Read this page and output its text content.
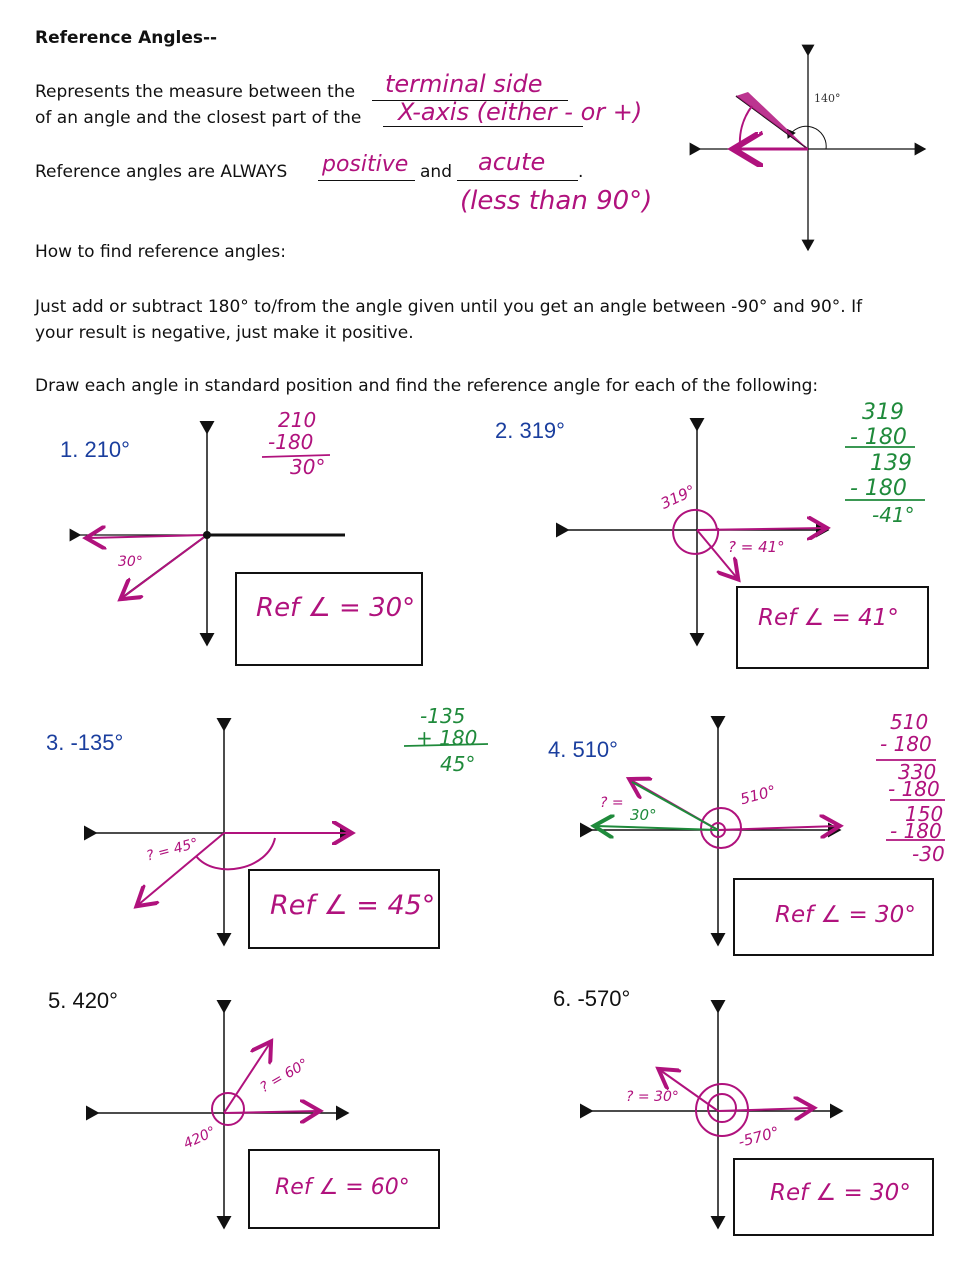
Reference Angles--
Represents the measure between the terminal side
of an angle and the closest part of the X-axis (either - or +)
Reference angles are ALWAYS positive and acute .
(less than 90°)
How to find reference angles:
Just add or subtract 180° to/from the angle given until you get an angle between -90° and 90°. If
your result is negative, just make it positive.
Draw each angle in standard position and find the reference angle for each of the following:
140°
40°
1. 210°
210
-180
30°
30°
Ref ∠ = 30°
2. 319°
319
- 180
139
- 180
-41°
319°
? = 41°
Ref ∠ = 41°
3. -135°
-135
+ 180
45°
? = 45°
Ref ∠ = 45°
4. 510°
510
- 180
330
- 180
150
- 180
-30
510°
? =
30°
Ref ∠ = 30°
5. 420°
420°
? = 60°
Ref ∠ = 60°
6. -570°
? = 30°
-570°
Ref ∠ = 30°
